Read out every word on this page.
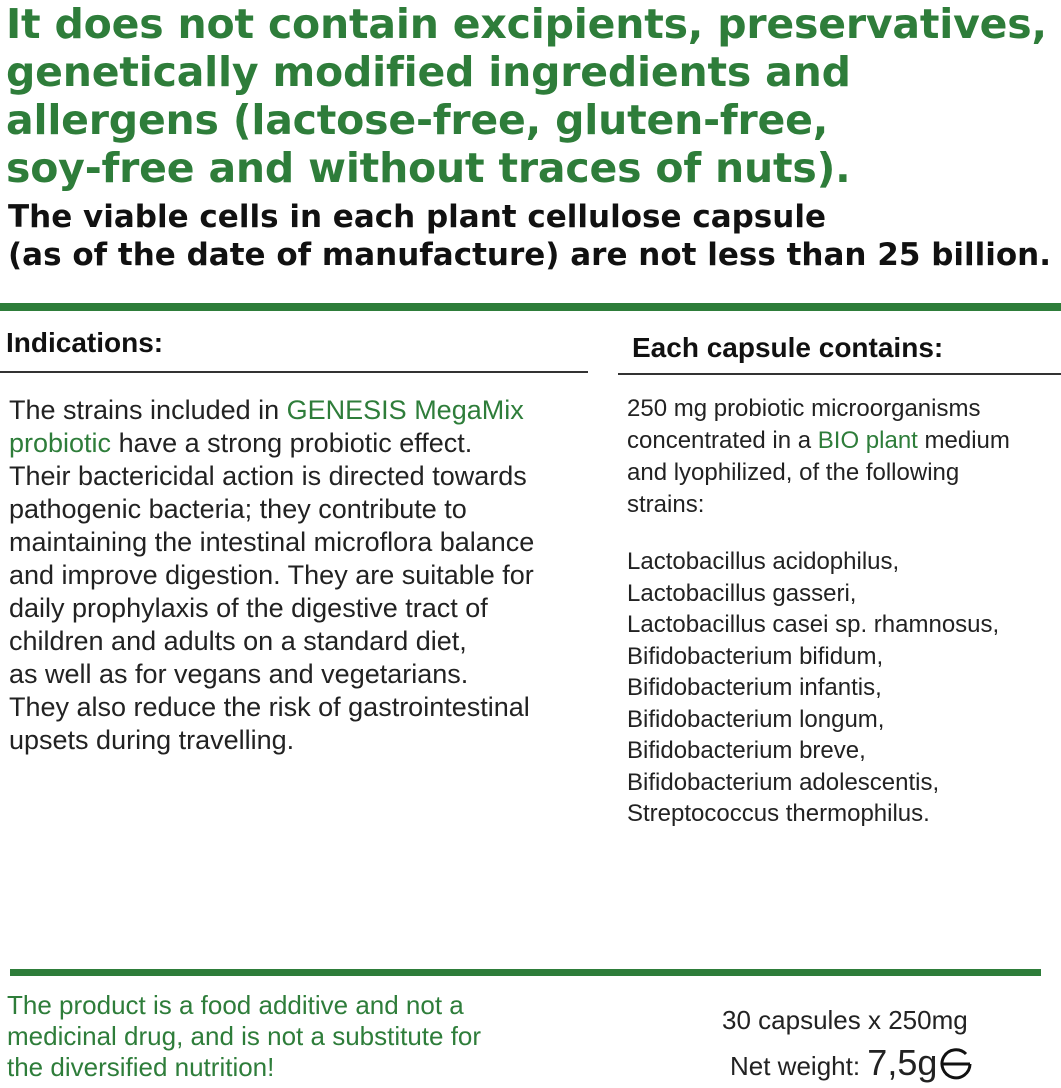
It does not contain excipients, preservatives,
genetically modified ingredients and
allergens (lactose-free, gluten-free,
soy-free and without traces of nuts).
The viable cells in each plant cellulose capsule
(as of the date of manufacture) are not less than 25 billion.
Indications:
The strains included in GENESIS MegaMix
probiotic have a strong probiotic effect.
Their bactericidal action is directed towards
pathogenic bacteria; they contribute to
maintaining the intestinal microflora balance
and improve digestion. They are suitable for
daily prophylaxis of the digestive tract of
children and adults on a standard diet,
as well as for vegans and vegetarians.
They also reduce the risk of gastrointestinal
upsets during travelling.
Each capsule contains:
250 mg probiotic microorganisms
concentrated in a BIO plant medium
and lyophilized, of the following
strains:
Lactobacillus acidophilus,
Lactobacillus gasseri,
Lactobacillus casei sp. rhamnosus,
Bifidobacterium bifidum,
Bifidobacterium infantis,
Bifidobacterium longum,
Bifidobacterium breve,
Bifidobacterium adolescentis,
Streptococcus thermophilus.
The product is a food additive and not a
medicinal drug, and is not a substitute for
the diversified nutrition!
30 capsules x 250mg
Net weight: 7,5g
